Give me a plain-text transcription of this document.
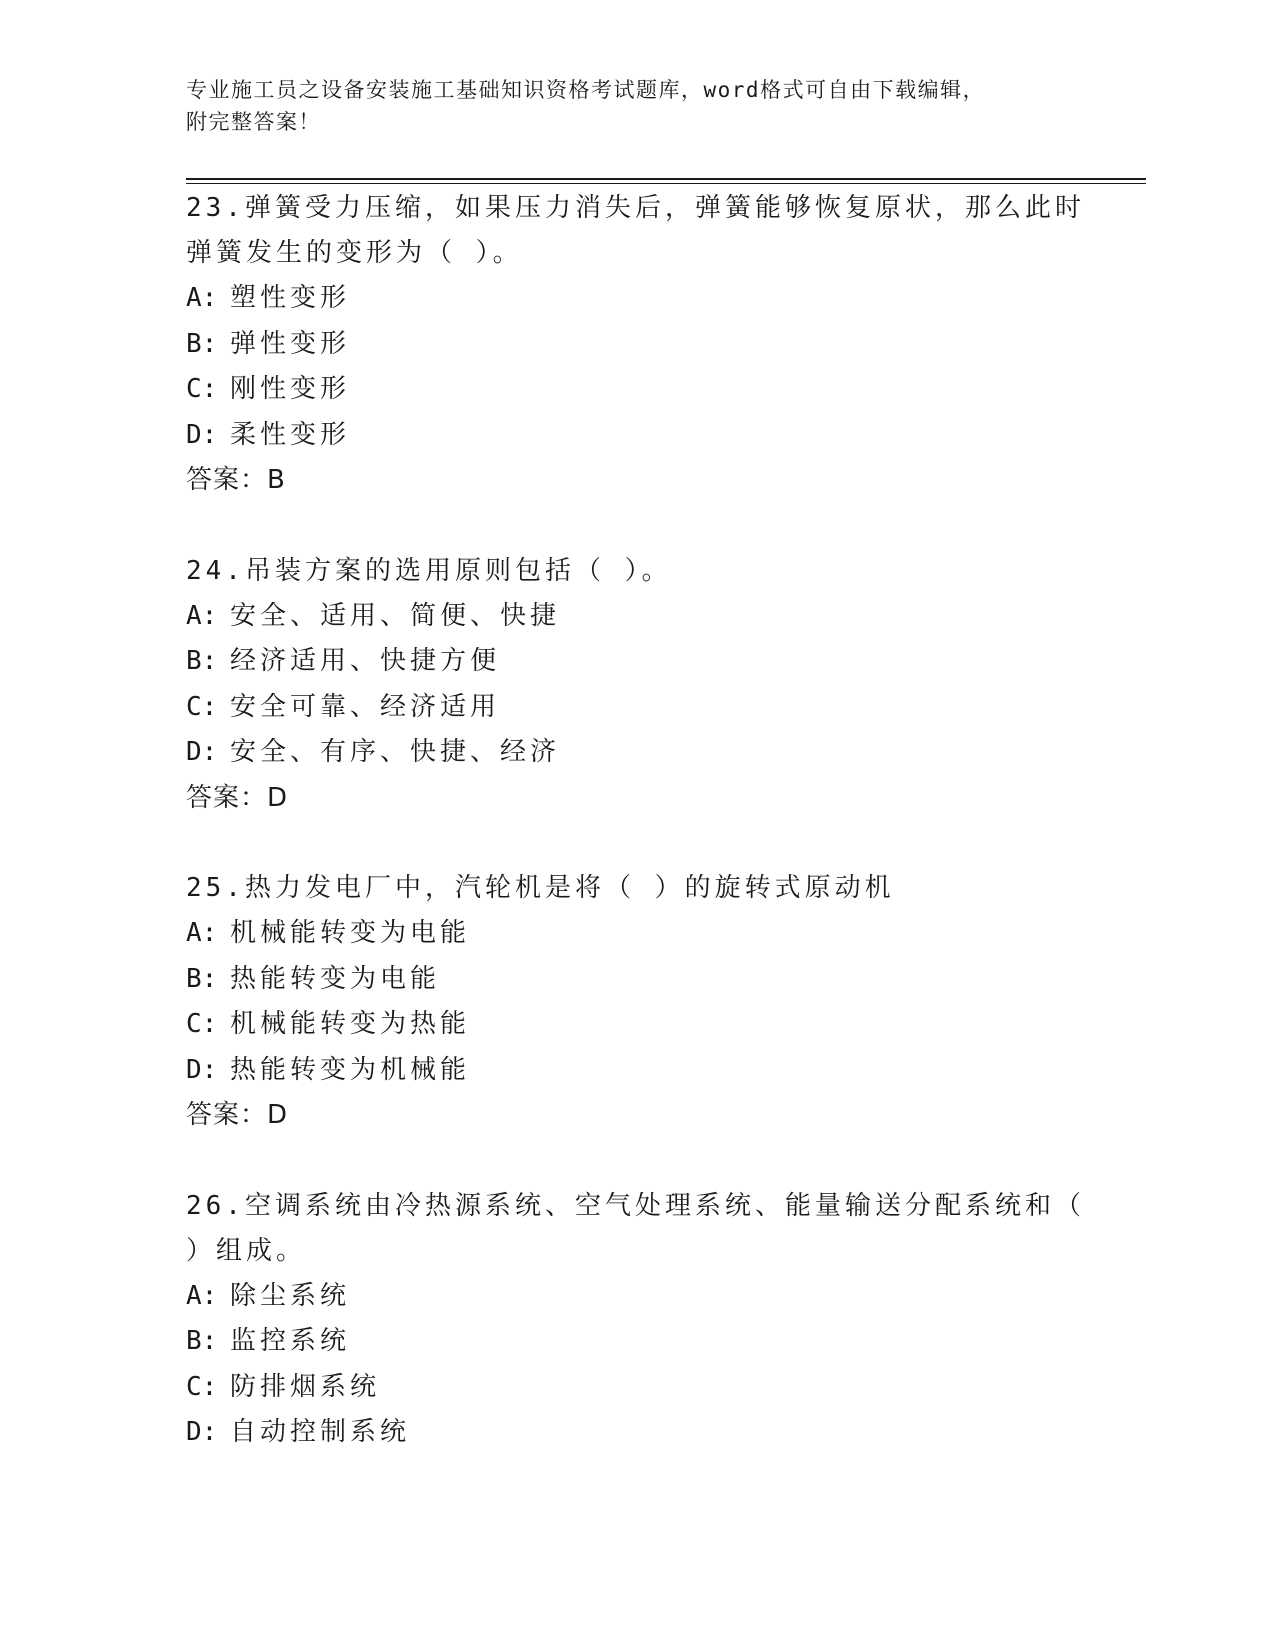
专业施工员之设备安装施工基础知识资格考试题库，word格式可自由下载编辑，
附完整答案！
23.弹簧受力压缩，如果压力消失后，弹簧能够恢复原状，那么此时弹簧发生的变形为（ ）。
A: 塑性变形
B: 弹性变形
C: 刚性变形
D: 柔性变形
答案：B
24.吊装方案的选用原则包括（ ）。
A: 安全、适用、简便、快捷
B: 经济适用、快捷方便
C: 安全可靠、经济适用
D: 安全、有序、快捷、经济
答案：D
25.热力发电厂中，汽轮机是将（ ）的旋转式原动机
A: 机械能转变为电能
B: 热能转变为电能
C: 机械能转变为热能
D: 热能转变为机械能
答案：D
26.空调系统由冷热源系统、空气处理系统、能量输送分配系统和（ ）组成。
A: 除尘系统
B: 监控系统
C: 防排烟系统
D: 自动控制系统
